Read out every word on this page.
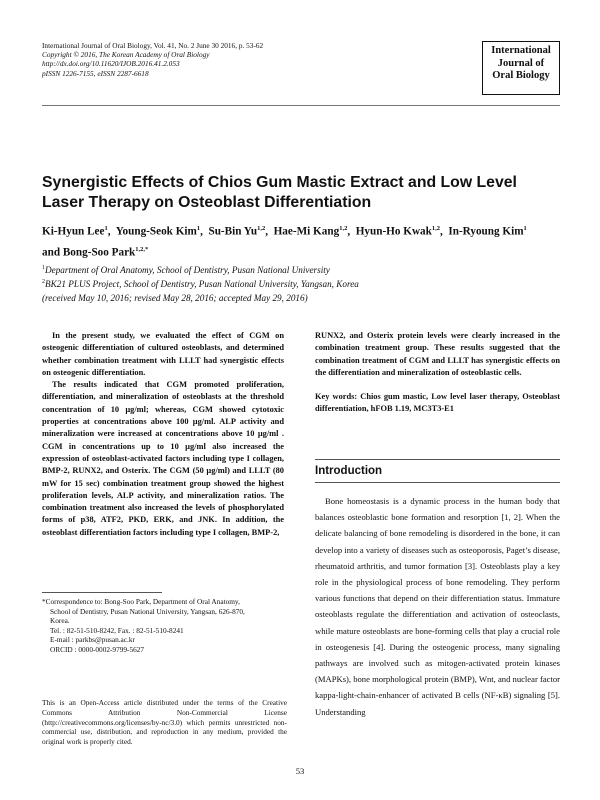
International Journal of Oral Biology, Vol. 41, No. 2 June 30 2016, p. 53-62
Copyright © 2016, The Korean Academy of Oral Biology
http://dx.doi.org/10.11620/IJOB.2016.41.2.053
pISSN 1226-7155, eISSN 2287-6618
International
Journal of
Oral Biology
Synergistic Effects of Chios Gum Mastic Extract and Low Level Laser Therapy on Osteoblast Differentiation
Ki-Hyun Lee$^1$,  Young-Seok Kim$^1$,  Su-Bin Yu$^{1,2}$,  Hae-Mi Kang$^{1,2}$,  Hyun-Ho Kwak$^{1,2}$,  In-Ryoung Kim$^1$
and Bong-Soo Park$^{1,2,*}$
$^1$Department of Oral Anatomy, School of Dentistry, Pusan National University
$^2$BK21 PLUS Project, School of Dentistry, Pusan National University, Yangsan, Korea
(received May 10, 2016; revised May 28, 2016; accepted May 29, 2016)

In the present study, we evaluated the effect of CGM on osteogenic differentiation of cultured osteoblasts, and determined whether combination treatment with LLLT had synergistic effects on osteogenic differentiation.

The results indicated that CGM promoted proliferation, differentiation, and mineralization of osteoblasts at the threshold concentration of 10 µg/ml; whereas, CGM showed cytotoxic properties at concentrations above 100 µg/ml. ALP activity and mineralization were increased at concentrations above 10 µg/ml . CGM in concentrations up to 10 µg/ml also increased the expression of osteoblast-activated factors including type I collagen, BMP-2, RUNX2, and Osterix. The CGM (50 µg/ml) and LLLT (80 mW for 15 sec) combination treatment group showed the highest proliferation levels, ALP activity, and mineralization ratios. The combination treatment also increased the levels of phosphorylated forms of p38, ATF2, PKD, ERK, and JNK. In addition, the osteoblast differentiation factors including type I collagen, BMP-2,

RUNX2, and Osterix protein levels were clearly increased in the combination treatment group. These results suggested that the combination treatment of CGM and LLLT has synergistic effects on the differentiation and mineralization of osteoblastic cells.

Key words: Chios gum mastic, Low level laser therapy, Osteoblast differentiation, hFOB 1.19, MC3T3-E1

Introduction

Bone homeostasis is a dynamic process in the human body that balances osteoblastic bone formation and resorption [1, 2]. When the delicate balancing of bone remodeling is disordered in the bone, it can develop into a variety of diseases such as osteoporosis, Paget’s disease, rheumatoid arthritis, and tumor formation [3]. Osteoblasts play a key role in the physiological process of bone remodeling. They perform various functions that depend on their differentiation status. Immature osteoblasts regulate the differentiation and activation of osteoclasts, while mature osteoblasts are bone-forming cells that play a crucial role in osteogenesis [4]. During the osteogenic process, many signaling pathways are involved such as mitogen-activated protein kinases (MAPKs), bone morphological protein (BMP), Wnt, and nuclear factor kappa-light-chain-enhancer of activated B cells (NF-κB) signaling [5]. Understanding

*Correspondence to: Bong-Soo Park, Department of Oral Anatomy,
School of Dentistry, Pusan National University, Yangsan, 626-870,
Korea.
Tel. : 82-51-510-8242, Fax. : 82-51-510-8241
E-mail : parkbs@pusan.ac.kr
ORCID : 0000-0002-9799-5627
This is an Open-Access article distributed under the terms of the Creative Commons Attribution Non-Commercial License (http://creativecommons.org/licenses/by-nc/3.0) which permits unrestricted non-commercial use, distribution, and reproduction in any medium, provided the original work is properly cited.
53
